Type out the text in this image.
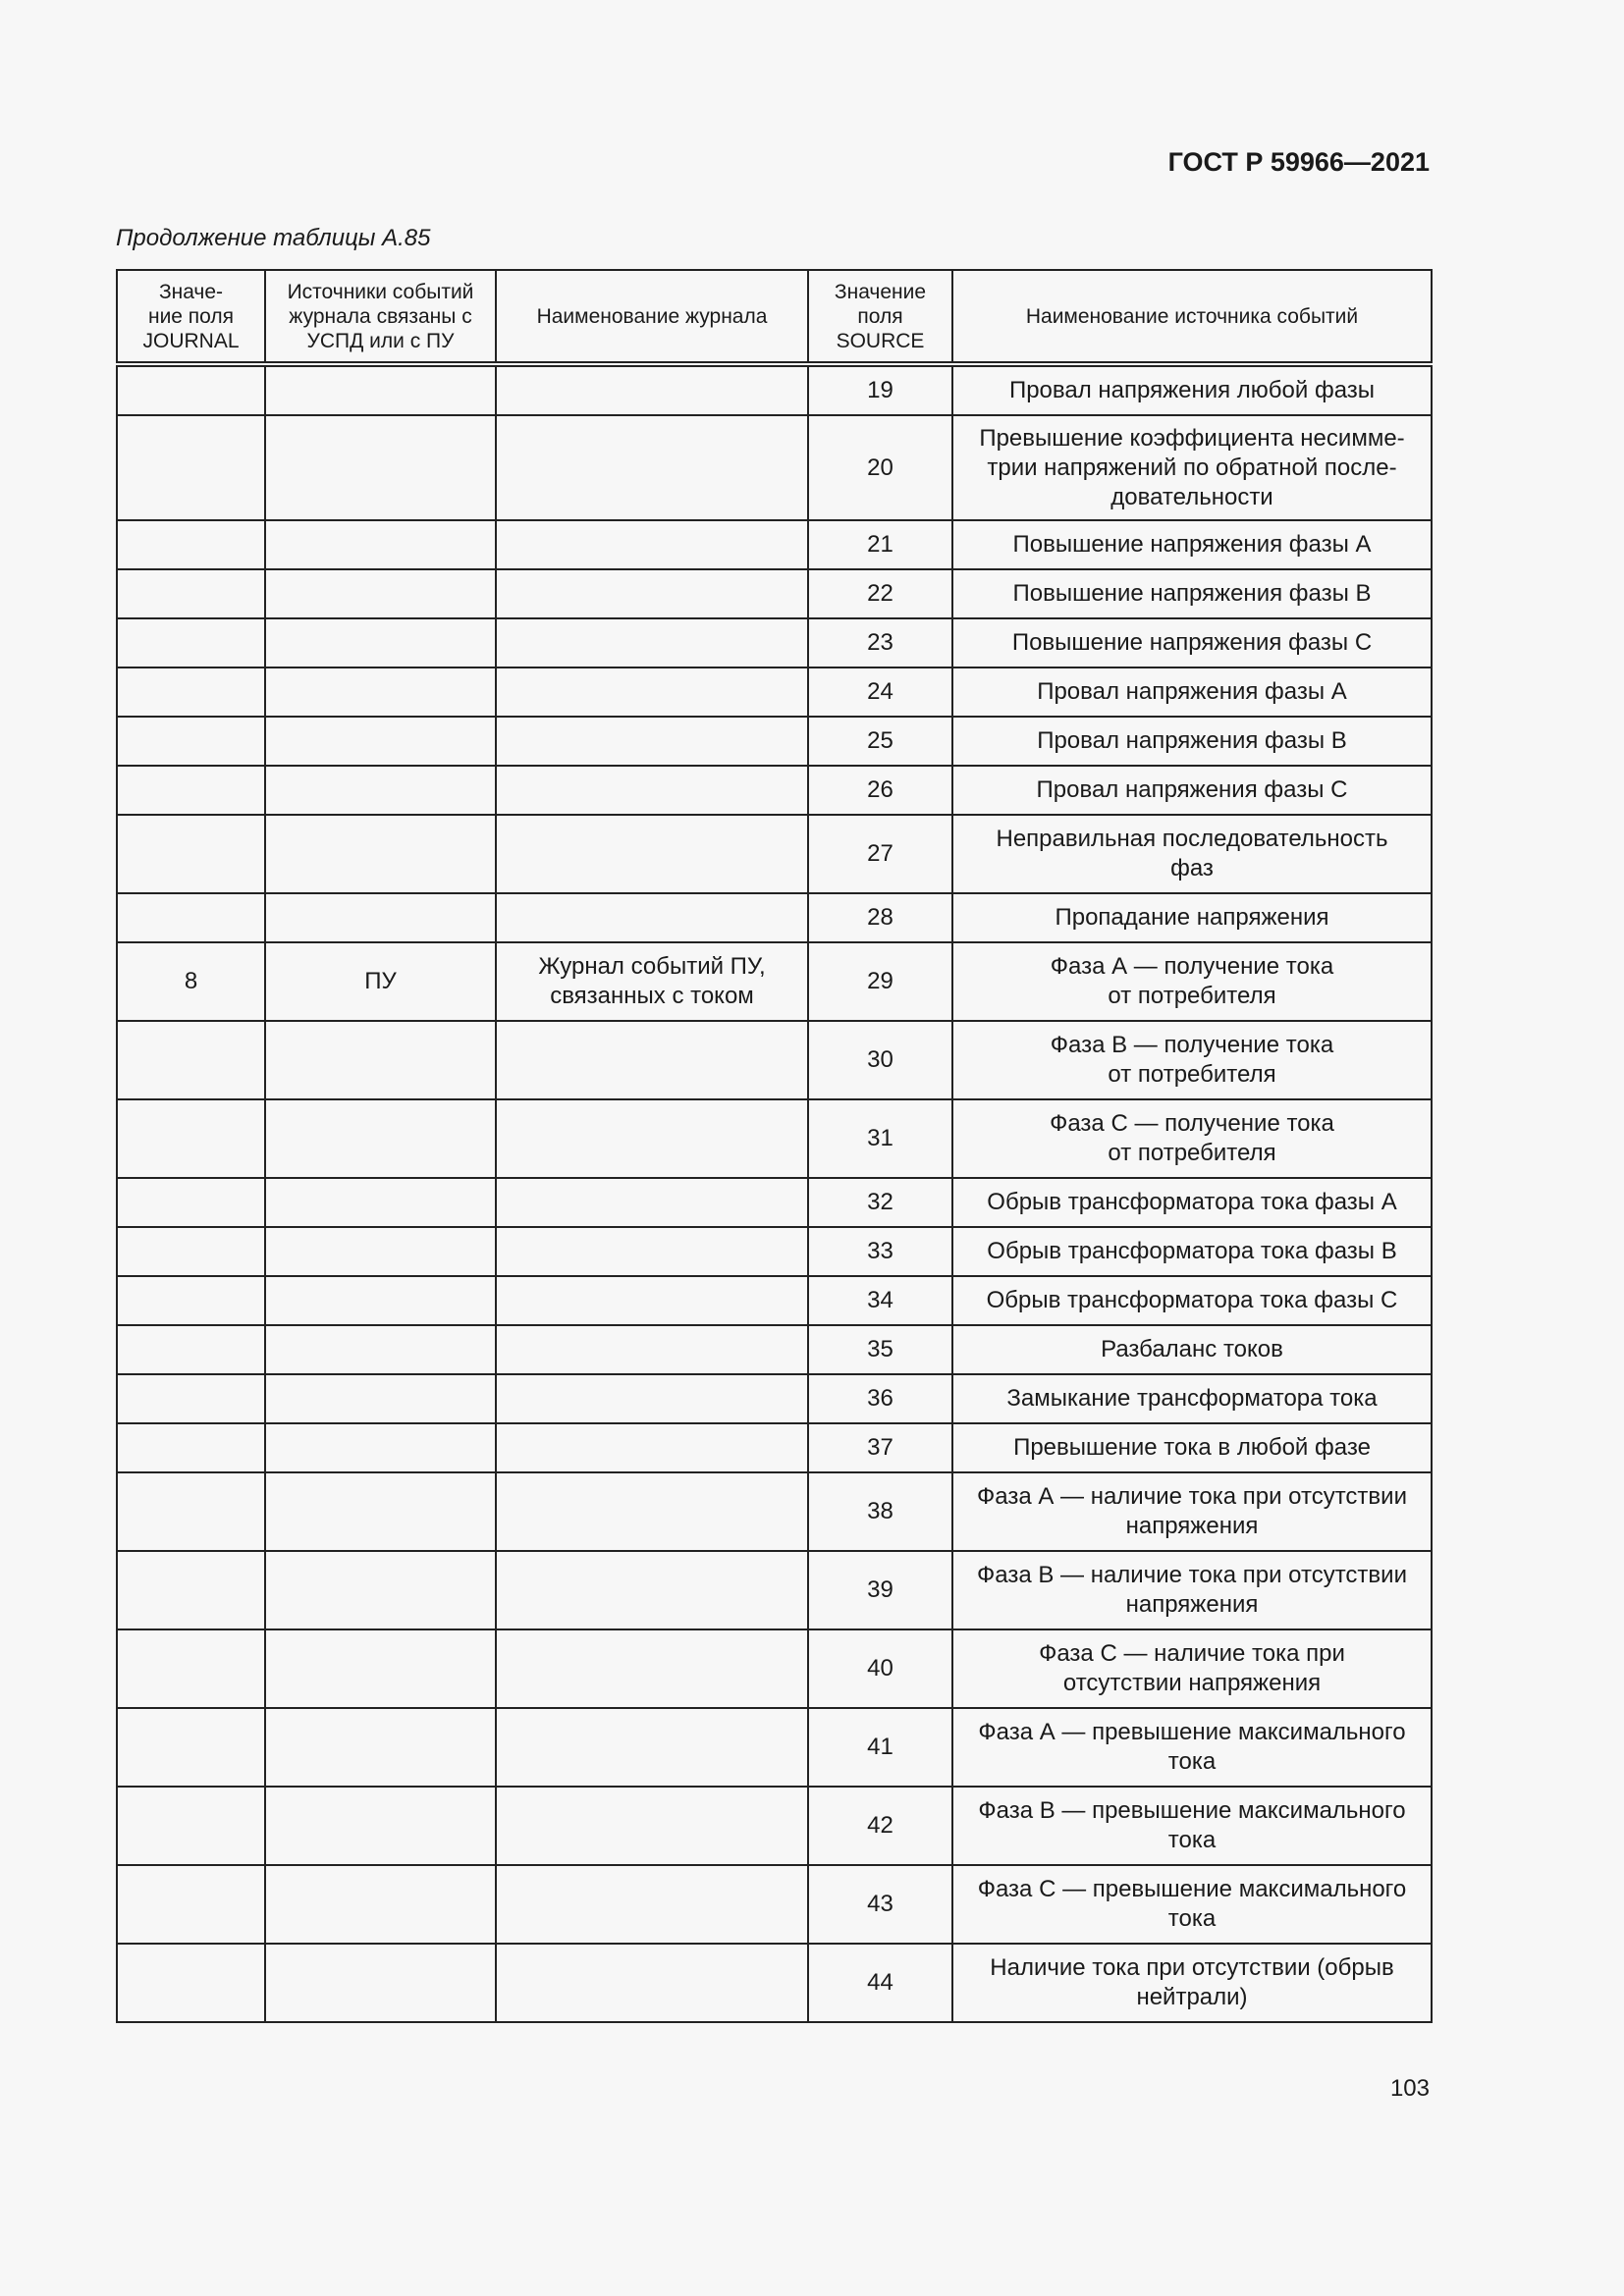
ГОСТ Р 59966—2021
Продолжение таблицы А.85
Значе-
ние поля
JOURNAL	Источники событий
журнала связаны с
УСПД или с ПУ	Наименование журнала	Значение
поля
SOURCE	Наименование источника событий
			19	Провал напряжения любой фазы
			20	Превышение коэффициента несимме-
трии напряжений по обратной после-
довательности
			21	Повышение напряжения фазы А
			22	Повышение напряжения фазы В
			23	Повышение напряжения фазы С
			24	Провал напряжения фазы А
			25	Провал напряжения фазы В
			26	Провал напряжения фазы С
			27	Неправильная последовательность
фаз
			28	Пропадание напряжения
8	ПУ	Журнал событий ПУ,
связанных с током	29	Фаза А — получение тока
от потребителя
			30	Фаза В — получение тока
от потребителя
			31	Фаза С — получение тока
от потребителя
			32	Обрыв трансформатора тока фазы А
			33	Обрыв трансформатора тока фазы В
			34	Обрыв трансформатора тока фазы С
			35	Разбаланс токов
			36	Замыкание трансформатора тока
			37	Превышение тока в любой фазе
			38	Фаза А — наличие тока при отсутствии
напряжения
			39	Фаза В — наличие тока при отсутствии
напряжения
			40	Фаза С — наличие тока при
отсутствии напряжения
			41	Фаза А — превышение максимального
тока
			42	Фаза В — превышение максимального
тока
			43	Фаза С — превышение максимального
тока
			44	Наличие тока при отсутствии (обрыв
нейтрали)
103
